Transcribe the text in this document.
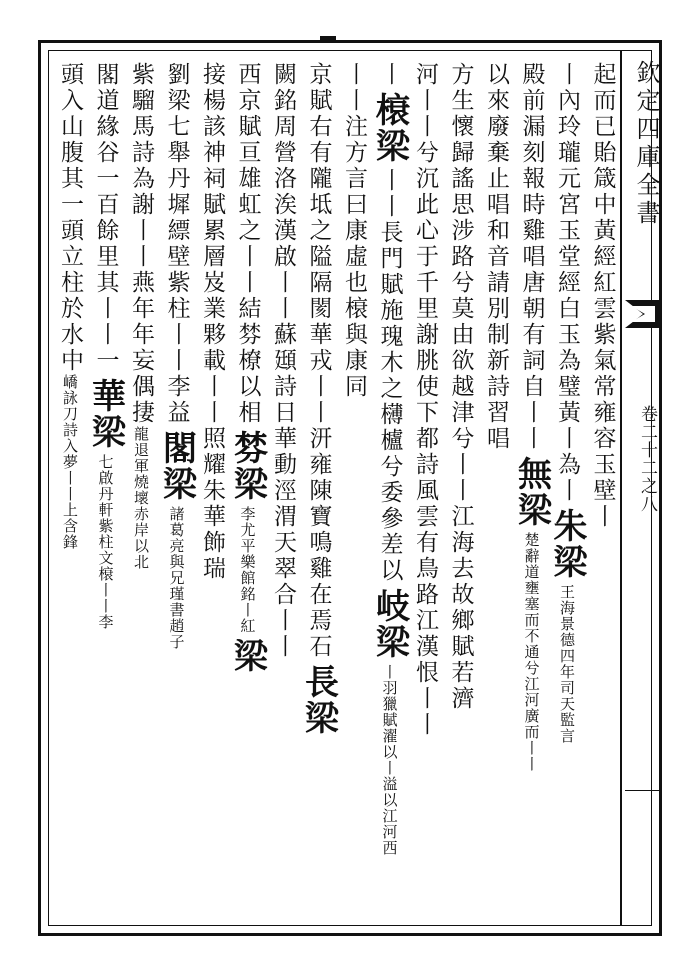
起而已貽箴中黃經紅雲紫氣常雍容玉壁
丨
丨內玲瓏元宮玉堂經白玉為璧黃丨為丨
朱梁
王海景德四年司天監言
殿前漏刻報時雞唱唐朝有詞自丨丨
無梁
楚辭道壅塞而不通兮江河廣而丨丨
以來廢棄止唱和音請別制新詩習唱
方生懷歸謠思涉路兮莫由欲越津兮丨丨江海去故鄉賦若濟
河丨丨兮沉此心于千里謝朓使下都詩風雲有鳥路江漢恨丨丨
丨
榱梁
丨丨長門賦施瑰木之欂櫨兮委參差以
岐梁
丨羽獵賦濯以丨溢以江河西
丨丨注方言曰康虛也榱與康同
京賦右有隴坻之隘隔閡華戎丨丨汧雍陳寶鳴雞在焉石
長梁
闕銘周營洛涘漢啟丨丨蘇頲詩日華動涇渭天翠合丨丨
西京賦亘雄虹之丨丨結棼橑以相
棼梁
李尤平樂館銘丨紅
梁
接楊該神祠賦累層岌業夥載丨丨照耀朱華飾瑞
劉梁七舉丹墀縹壁紫柱丨丨李益
閣梁
諸葛亮與兄瑾書趙子
紫騮馬詩為謝丨丨燕年年妄偶捿
龍退軍燒壞赤岸以北
閣道緣谷一百餘里其丨丨一
華梁
七啟丹軒紫柱文榱丨丨李
頭入山腹其一頭立柱於水中
嶠詠刀詩入夢丨丨上含鋒
欽定四庫全書
卷二十二之八
